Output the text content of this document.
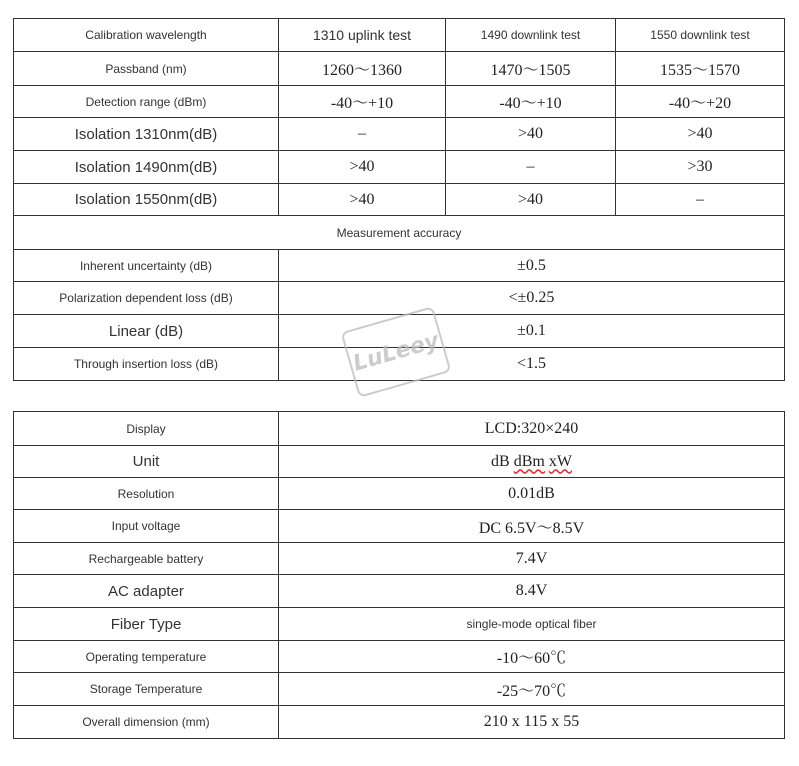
Calibration wavelength	1310 uplink test	1490 downlink test	1550 downlink test
Passband (nm)	1260～1360	1470～1505	1535～1570
Detection range (dBm)	-40～+10	-40～+10	-40～+20
Isolation 1310nm(dB)	–	>40	>40
Isolation 1490nm(dB)	>40	–	>30
Isolation 1550nm(dB)	>40	>40	–
Measurement accuracy			
Inherent uncertainty (dB)	±0.5		
Polarization dependent loss (dB)	<±0.25		
Linear (dB)	±0.1		
Through insertion loss (dB)	<1.5		
Display	LCD:320×240
Unit	dB dBm xW
Resolution	0.01dB
Input voltage	DC 6.5V～8.5V
Rechargeable battery	7.4V
AC adapter	8.4V
Fiber Type	single-mode optical fiber
Operating temperature	-10～60℃
Storage Temperature	-25～70℃
Overall dimension (mm)	210 x 115 x 55
LuLeey
